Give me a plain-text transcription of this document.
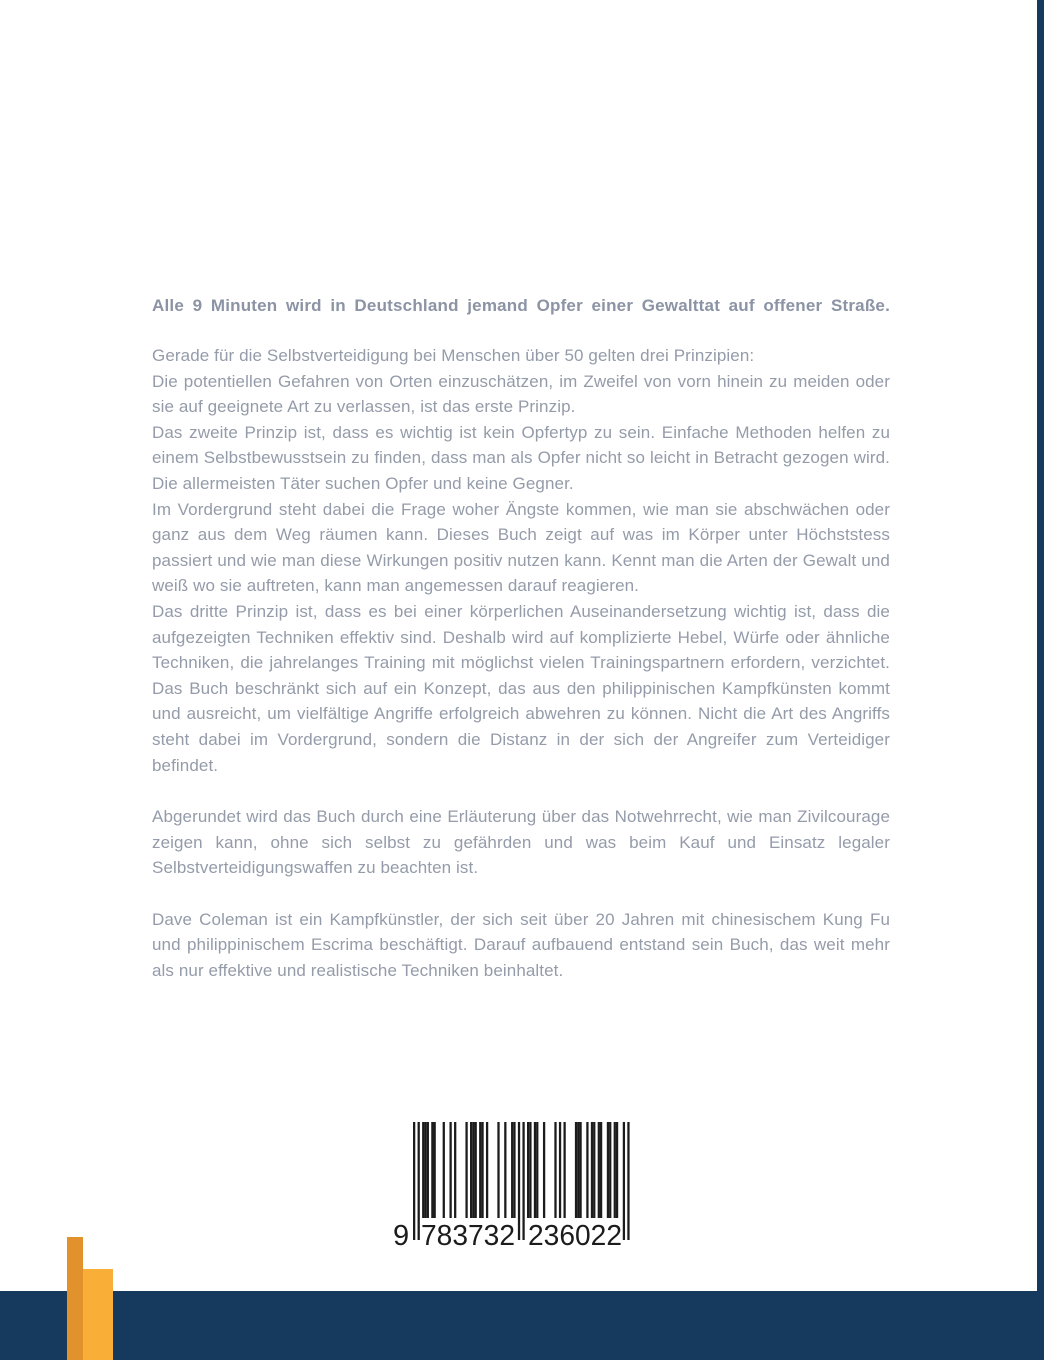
Alle 9 Minuten wird in Deutschland jemand Opfer einer Gewalttat auf offener Straße.

Gerade für die Selbstverteidigung bei Menschen über 50 gelten drei Prinzipien:

Die potentiellen Gefahren von Orten einzuschätzen, im Zweifel von vorn hinein zu meiden oder sie auf geeignete Art zu verlassen, ist das erste Prinzip.

Das zweite Prinzip ist, dass es wichtig ist kein Opfertyp zu sein. Einfache Methoden helfen zu einem Selbstbewusstsein zu finden, dass man als Opfer nicht so leicht in Betracht gezogen wird. Die allermeisten Täter suchen Opfer und keine Gegner.

Im Vordergrund steht dabei die Frage woher Ängste kommen, wie man sie abschwächen oder ganz aus dem Weg räumen kann. Dieses Buch zeigt auf was im Körper unter Höchststess passiert und wie man diese Wirkungen positiv nutzen kann. Kennt man die Arten der Gewalt und weiß wo sie auftreten, kann man angemessen darauf reagieren.

Das dritte Prinzip ist, dass es bei einer körperlichen Auseinandersetzung wichtig ist, dass die aufgezeigten Techniken effektiv sind. Deshalb wird auf komplizierte Hebel, Würfe oder ähnliche Techniken, die jahrelanges Training mit möglichst vielen Trainingspartnern erfordern, verzichtet. Das Buch beschränkt sich auf ein Konzept, das aus den philippinischen Kampfkünsten kommt und ausreicht, um vielfältige Angriffe erfolgreich abwehren zu können. Nicht die Art des Angriffs steht dabei im Vordergrund, sondern die Distanz in der sich der Angreifer zum Verteidiger befindet.

Abgerundet wird das Buch durch eine Erläuterung über das Notwehrrecht, wie man Zivilcourage zeigen kann, ohne sich selbst zu gefährden und was beim Kauf und Einsatz legaler Selbstverteidigungswaffen zu beachten ist.

Dave Coleman ist ein Kampfkünstler, der sich seit über 20 Jahren mit chinesischem Kung Fu und philippinischem Escrima beschäftigt. Darauf aufbauend entstand sein Buch, das weit mehr als nur effektive und realistische Techniken beinhaltet.

9 783732 236022
